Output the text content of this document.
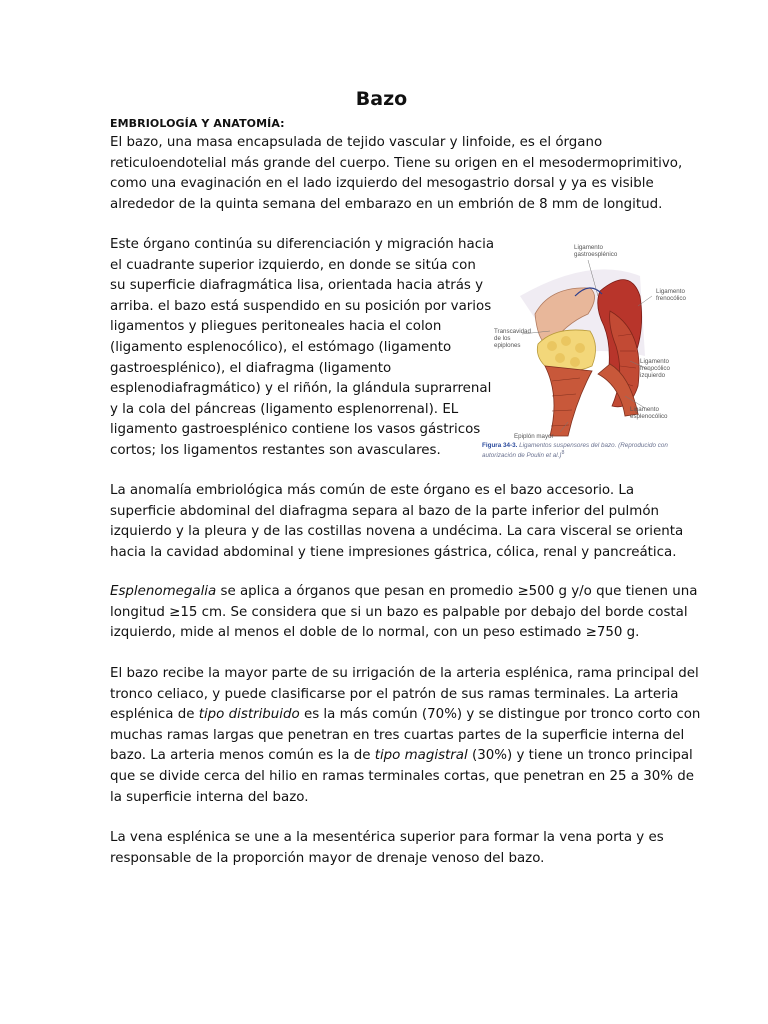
Bazo
EMBRIOLOGÍA Y ANATOMÍA:

El bazo, una masa encapsulada de tejido vascular y linfoide, es el órgano
reticuloendotelial más grande del cuerpo. Tiene su origen en el mesodermoprimitivo,
como una evaginación en el lado izquierdo del mesogastrio dorsal y ya es visible
alrededor de la quinta semana del embarazo en un embrión de 8 mm de longitud.

Este órgano continúa su diferenciación y migración hacia
el cuadrante superior izquierdo, en donde se sitúa con
su superficie diafragmática lisa, orientada hacia atrás y
arriba. el bazo está suspendido en su posición por varios
ligamentos y pliegues peritoneales hacia el colon
(ligamento esplenocólico), el estómago (ligamento
gastroesplénico), el diafragma (ligamento
esplenodiafragmático) y el riñón, la glándula suprarrenal
y la cola del páncreas (ligamento esplenorrenal). EL
ligamento gastroesplénico contiene los vasos gástricos
cortos; los ligamentos restantes son avasculares.

Ligamento
gastroesplénico
Ligamento
frenocólico
Transcavidad
de los
epiplones
Ligamento
frenocólico
izquierdo
Ligamento
esplenocólico
Epiplón mayor
Figura 34-3. Ligamentos suspensores del bazo. (Reproducido con autorización de Poulin et al.)$^8$

La anomalía embriológica más común de este órgano es el bazo accesorio. La
superficie abdominal del diafragma separa al bazo de la parte inferior del pulmón
izquierdo y la pleura y de las costillas novena a undécima. La cara visceral se orienta
hacia la cavidad abdominal y tiene impresiones gástrica, cólica, renal y pancreática.

Esplenomegalia se aplica a órganos que pesan en promedio ≥500 g y/o que tienen una
longitud ≥15 cm. Se considera que si un bazo es palpable por debajo del borde costal
izquierdo, mide al menos el doble de lo normal, con un peso estimado ≥750 g.

El bazo recibe la mayor parte de su irrigación de la arteria esplénica, rama principal del
tronco celiaco, y puede clasificarse por el patrón de sus ramas terminales. La arteria
esplénica de tipo distribuido es la más común (70%) y se distingue por tronco corto con
muchas ramas largas que penetran en tres cuartas partes de la superficie interna del
bazo. La arteria menos común es la de tipo magistral (30%) y tiene un tronco principal
que se divide cerca del hilio en ramas terminales cortas, que penetran en 25 a 30% de
la superficie interna del bazo.

La vena esplénica se une a la mesentérica superior para formar la vena porta y es
responsable de la proporción mayor de drenaje venoso del bazo.
